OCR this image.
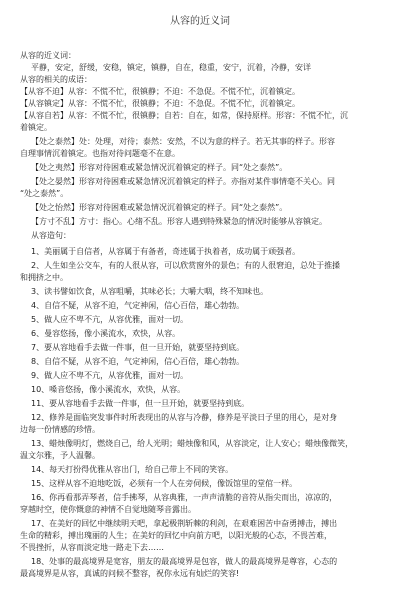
从容的近义词
从容的近义词：
平静，安定，舒缓，安稳，镇定，镇静，自在，稳重，安宁，沉着，冷静，安详
从容的相关的成语：
【从容不迫】从容：不慌不忙，很镇静；不迫：不急促。不慌不忙，沉着镇定。
【从容镇定】从容：不慌不忙，很镇静；不迫：不急促。不慌不忙，沉着镇定。
【从容自若】从容：不慌不忙，很镇静；自若：自在，如常，保持原样。形容：不慌不忙，沉
着镇定。
【处之泰然】处：处理，对待；泰然：安然，不以为意的样子。若无其事的样子。形容
自理事情沉着镇定。也指对待问题毫不在意。
【处之夷然】形容对待困难或紧急情况沉着镇定的样子。同“处之泰然”。
【处之晏然】形容对待困难或紧急情况沉着镇定的样子。亦指对某件事情毫不关心。同
“处之泰然”。
【处之怡然】形容对待困难或紧急情况沉着镇定的样子。同“处之泰然”。
【方寸不乱】方寸：指心。心绪不乱。形容人遇到特殊紧急的情况时能够从容镇定。
从容造句：
1、美丽属于自信者，从容属于有备者，奇迹属于执着者，成功属于顽强者。
2、人生如坐公交车，有的人很从容，可以欣赏窗外的景色；有的人很窘迫，总处于推搡
和拥挤之中。
3、读书譬如饮食，从容咀嚼，其味必长；大嚼大咽，终不知味也。
4、自信不疑，从容不迫，气定神闲，信心百倍，雄心勃勃。
5、做人应不卑不亢，从容优雅，面对一切。
6、曼容悠扬，像小溪流水，欢快，从容。
7、要从容地看手去做一件事，但一旦开始，就要坚持到底。
8、自信不疑，从容不迫，气定神闲，信心百倍，雄心勃勃。
9、做人应不卑不亢，从容优雅，面对一切。
10、嗓音悠扬，像小溪流水，欢快，从容。
11、要从容地看手去做一件事，但一旦开始，就要坚持到底。
12、修养是面临突发事件时所表现出的从容与冷静，修养是平淡日子里的用心，是对身
边每一份情感的珍惜。
13、蜡烛像明灯，燃烧自己，给人光明；蜡烛像和风，从容淡定，让人安心；蜡烛像微笑，
温文尔雅，予人温馨。
14、每天打扮得优雅从容出门，给自己带上不同的笑容。
15、这样从容不迫地吃饭，必须有一个人在旁伺候，像饭馆里的堂倌一样。
16、你再看那弄琴者，信手拂琴，从容典雅，一声声清脆的音符从指尖而出，凉凉的，
穿越时空，使你慨意的神情不自觉地随琴音露出。
17、在美好的回忆中继续明天吧，拿起极荆斩棘的利剑，在艰难困苦中奋勇搏击，搏出
生命的精彩，搏出瑰丽的人生；在美好的回忆中向前方吧，以阳光般的心态，不畏苦难，
不畏挫折，从容而淡定地一路走下去……
18、处事的最高境界是宽容，朋友的最高境界是包容，做人的最高境界是尊容，心态的
最高境界是从容，真诚的问候不整容，祝你永远有灿烂的笑容!
